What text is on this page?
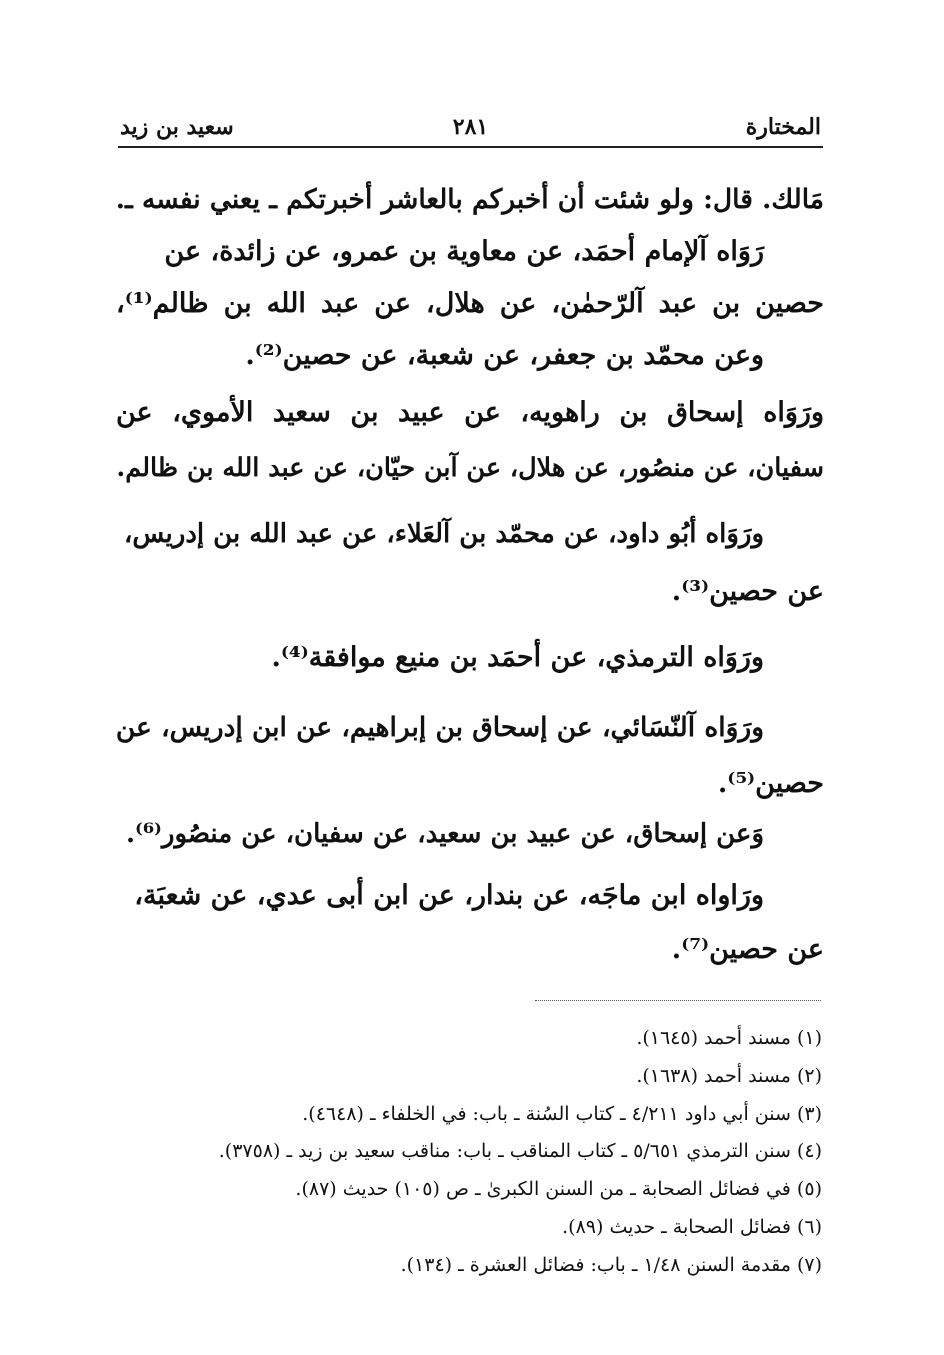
سعيد بن زيد	٢٨١	المختارة
مَالك. قال: ولو شئت أن أخبركم بالعاشر أخبرتكم ـ يعني نفسه ـ.
رَوَاه آلإمام أحمَد، عن معاوية بن عمرو، عن زائدة، عن
حصين بن عبد آلرّحمٰن، عن هلال، عن عبد الله بن ظالم⁽¹⁾،
وعن محمّد بن جعفر، عن شعبة، عن حصين⁽²⁾.
ورَوَاه إسحاق بن راهويه، عن عبيد بن سعيد الأموي، عن
سفيان، عن منصُور، عن هلال، عن آبن حيّان، عن عبد الله بن ظالم.
ورَوَاه أبُو داود، عن محمّد بن آلعَلاء، عن عبد الله بن إدريس،
عن حصين⁽³⁾.
ورَوَاه الترمذي، عن أحمَد بن منيع موافقة⁽⁴⁾.
ورَوَاه آلنّسَائي، عن إسحاق بن إبراهيم، عن ابن إدريس، عن
حصين⁽⁵⁾.
وَعن إسحاق، عن عبيد بن سعيد، عن سفيان، عن منصُور⁽⁶⁾.
ورَاواه ابن ماجَه، عن بندار، عن ابن أبى عدي، عن شعبَة،
عن حصين⁽⁷⁾.
(١) مسند أحمد (١٦٤٥).
(٢) مسند أحمد (١٦٣٨).
(٣) سنن أبي داود ٤/٢١١ ـ كتاب السُنة ـ باب: في الخلفاء ـ (٤٦٤٨).
(٤) سنن الترمذي ٥/٦٥١ ـ كتاب المناقب ـ باب: مناقب سعيد بن زيد ـ (٣٧٥٨).
(٥) في فضائل الصحابة ـ من السنن الكبرىٰ ـ ص (١٠٥) حديث (٨٧).
(٦) فضائل الصحابة ـ حديث (٨٩).
(٧) مقدمة السنن ١/٤٨ ـ باب: فضائل العشرة ـ (١٣٤).
